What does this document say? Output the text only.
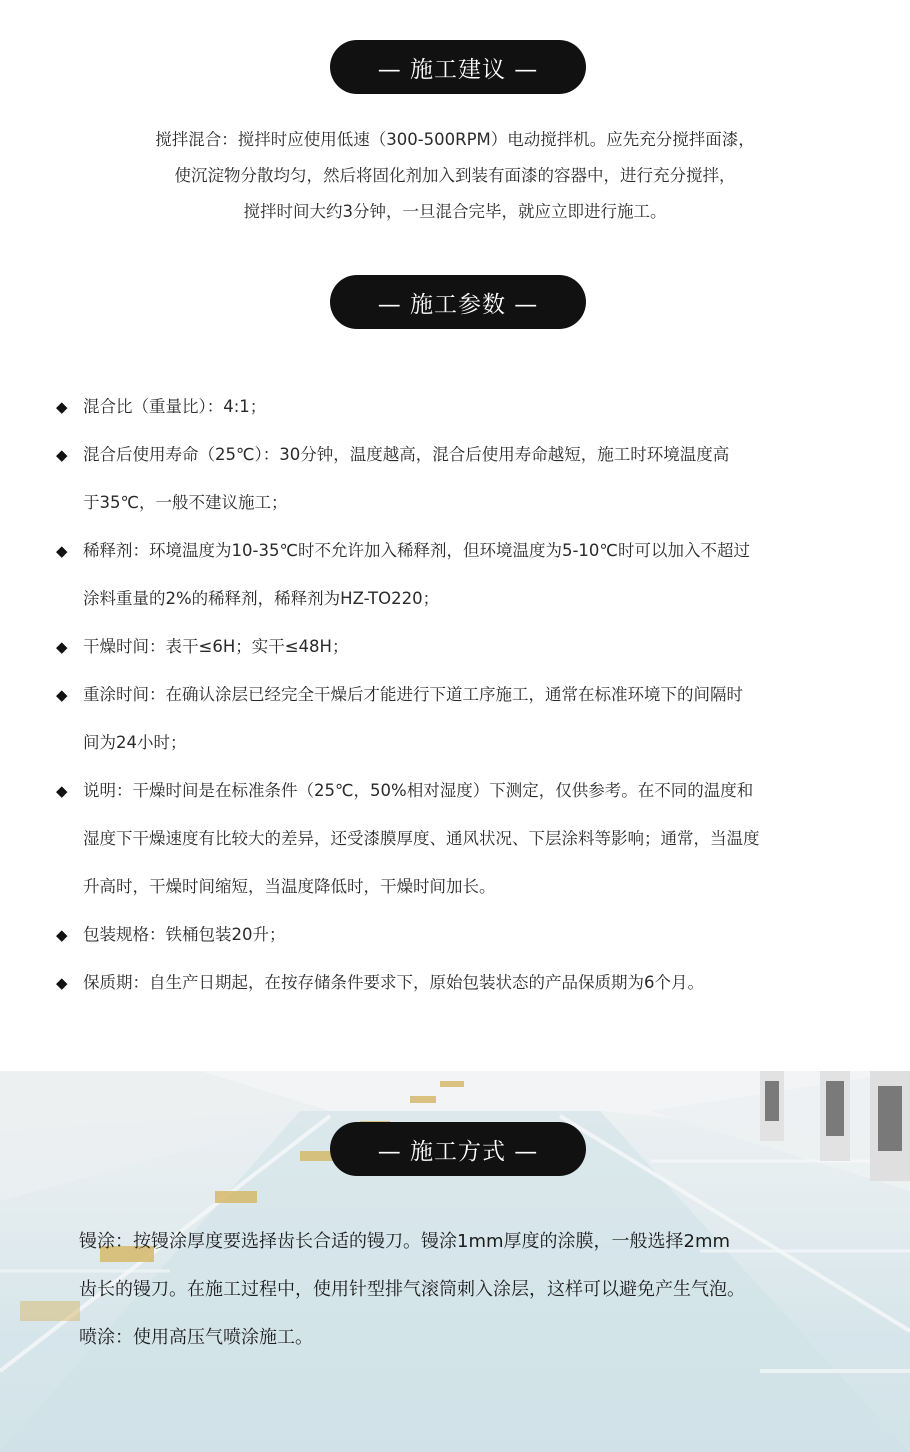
— 施工建议 —
搅拌混合：搅拌时应使用低速（300-500RPM）电动搅拌机。应先充分搅拌面漆，
使沉淀物分散均匀，然后将固化剂加入到装有面漆的容器中，进行充分搅拌，
搅拌时间大约3分钟，一旦混合完毕，就应立即进行施工。
— 施工参数 —
◆ 混合比（重量比）：4:1；
◆ 混合后使用寿命（25℃）：30分钟，温度越高，混合后使用寿命越短，施工时环境温度高
于35℃，一般不建议施工；
◆ 稀释剂：环境温度为10-35℃时不允许加入稀释剂，但环境温度为5-10℃时可以加入不超过
涂料重量的2%的稀释剂，稀释剂为HZ-TO220；
◆ 干燥时间：表干≤6H；实干≤48H；
◆ 重涂时间：在确认涂层已经完全干燥后才能进行下道工序施工，通常在标准环境下的间隔时
间为24小时；
◆ 说明：干燥时间是在标准条件（25℃，50%相对湿度）下测定，仅供参考。在不同的温度和
湿度下干燥速度有比较大的差异，还受漆膜厚度、通风状况、下层涂料等影响；通常，当温度
升高时，干燥时间缩短，当温度降低时，干燥时间加长。
◆ 包装规格：铁桶包装20升；
◆ 保质期：自生产日期起，在按存储条件要求下，原始包装状态的产品保质期为6个月。
— 施工方式 —
镘涂：按镘涂厚度要选择齿长合适的镘刀。镘涂1mm厚度的涂膜，一般选择2mm
齿长的镘刀。在施工过程中，使用针型排气滚筒刺入涂层，这样可以避免产生气泡。
喷涂：使用高压气喷涂施工。
